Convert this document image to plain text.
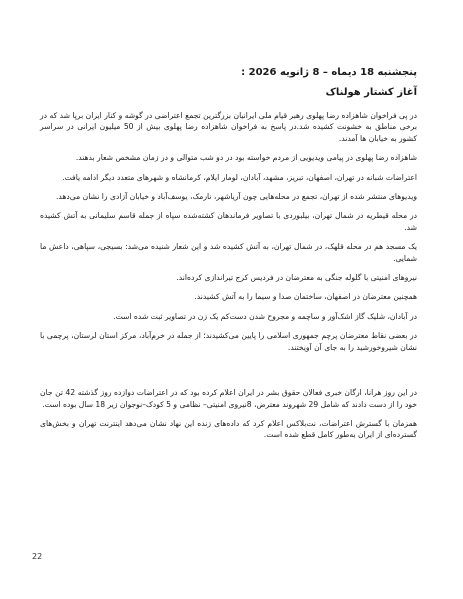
پنجشنبه 18 دیماه – 8 ژانویه 2026 :

آغاز کشتار هولناک

در پی فراخوان شاهزاده رضا پهلوی رهبر قیام ملی ایرانیان بزرگترین تجمع اعتراضی در گوشه و کنار ایران برپا شد که در برخی مناطق به خشونت کشیده شد.در پاسخ به فراخوان شاهزاده رضا پهلوی بیش از 50 میلیون ایرانی در سراسر کشور به خیابان ها آمدند.

شاهزاده رضا پهلوی در پیامی ویدیویی از مردم خواسته بود در دو شب متوالی و در زمان مشخص شعار بدهند.

اعتراضات شبانه در تهران، اصفهان، تبریز، مشهد، آبادان، لومار ایلام، کرمانشاه و شهرهای متعدد دیگر ادامه یافت.

ویدیوهای منتشر شده از تهران، تجمع در محله‌هایی چون آریاشهر، نارمک، یوسف‌آباد و خیابان آزادی را نشان می‌دهد.

در محله قیطریه در شمال تهران، بیلبوردی با تصاویر فرماندهان کشته‌شده سپاه از جمله قاسم سلیمانی به آتش کشیده شد.

یک مسجد هم در محله قلهک، در شمال تهران، به آتش کشیده شد و این شعار شنیده می‌شد: بسیجی، سپاهی، داعش ما شمایی.

نیروهای امنیتی با گلوله جنگی به معترضان در فردیس کرج تیراندازی کرده‌اند.

همچنین معترضان در اصفهان، ساختمان صدا و سیما را به آتش کشیدند.

در آبادان، شلیک گاز اشک‌آور و ساچمه و مجروح شدن دست‌کم یک زن در تصاویر ثبت شده است.

در بعضی نقاط معترضان پرچم جمهوری اسلامی را پایین می‌کشیدند؛ از جمله در خرم‌آباد، مرکز استان لرستان، پرچمی با نشان شیروخورشید را به جای آن آویختند.

در این روز هرانا، ارگان خبری فعالان حقوق بشر در ایران اعلام کرده بود که در اعتراضات دوازده روز گذشته 42 تن جان خود را از دست دادند که شامل 29 شهروند معترض، 8نیروی امنیتی– نظامی و 5 کودک–نوجوان زیر 18 سال بوده است.

همزمان با گسترش اعتراضات، نت‌بلاکس اعلام کرد که داده‌های زنده این نهاد نشان می‌دهد اینترنت تهران و بخش‌های گسترده‌ای از ایران به‌طور کامل قطع شده است.

22
